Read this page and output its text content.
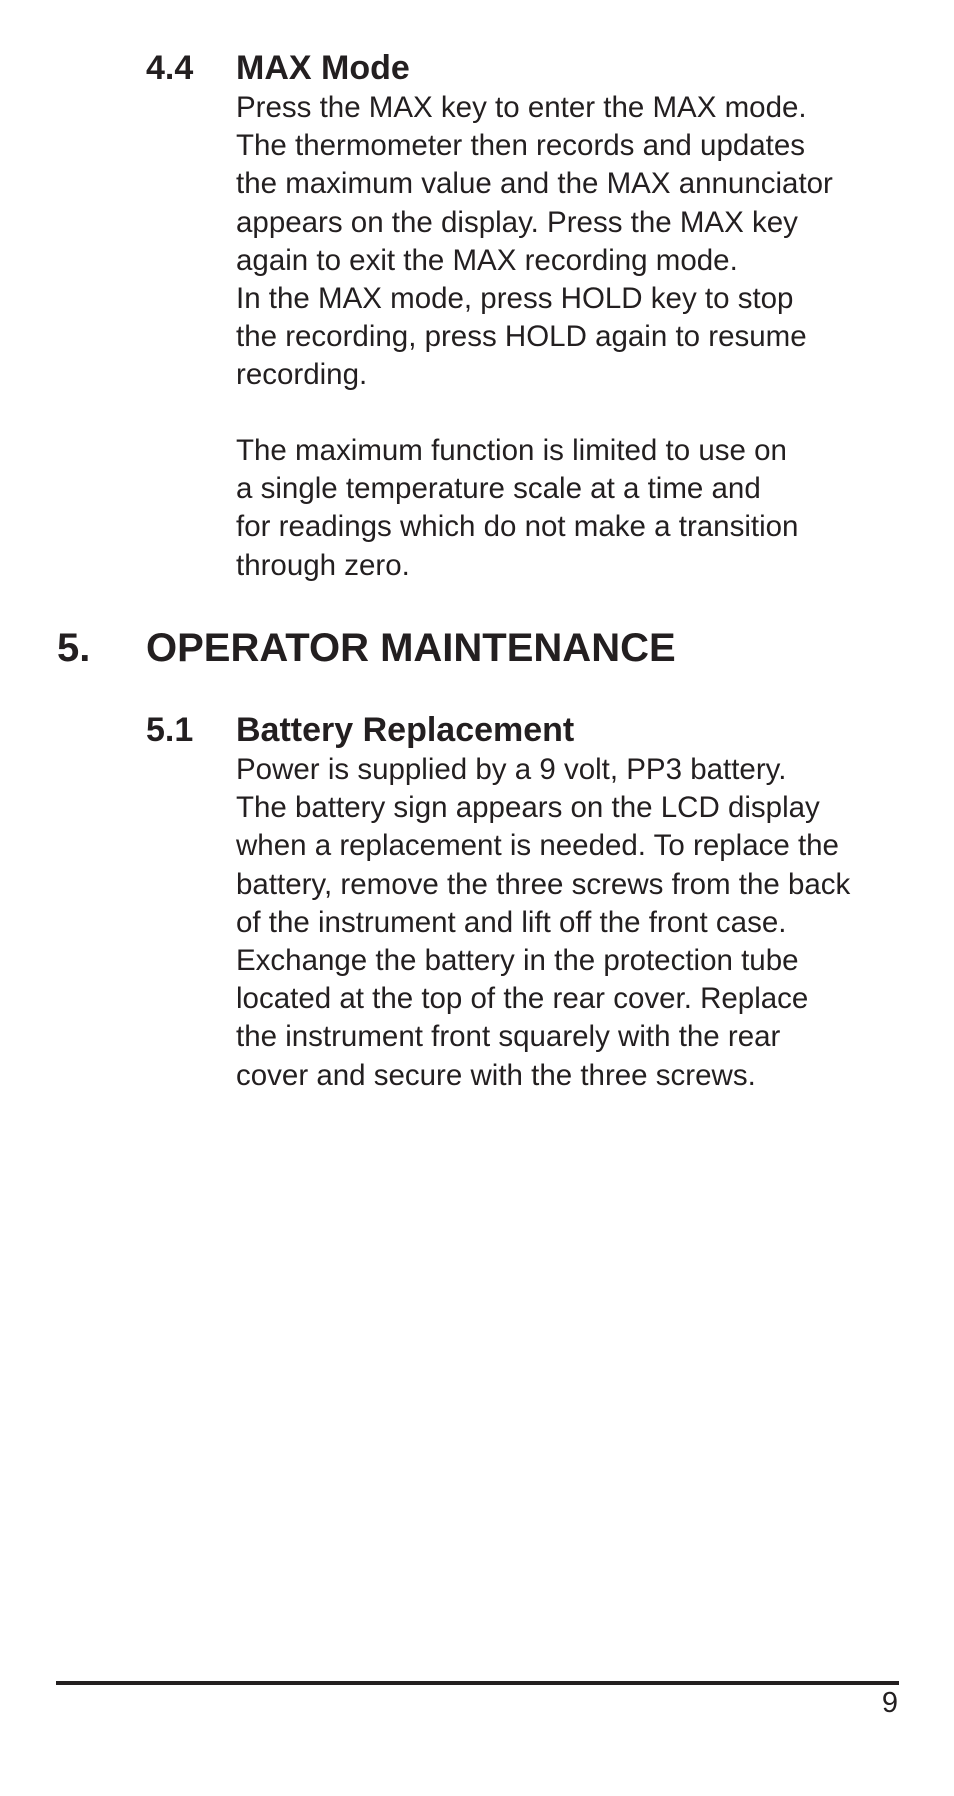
4.4 MAX Mode

Press the MAX key to enter the MAX mode.

The thermometer then records and updates

the maximum value and the MAX annunciator

appears on the display. Press the MAX key

again to exit the MAX recording mode.

In the MAX mode, press HOLD key to stop

the recording, press HOLD again to resume

recording.

The maximum function is limited to use on

a single temperature scale at a time and

for readings which do not make a transition

through zero.

5. OPERATOR MAINTENANCE
5.1 Battery Replacement

Power is supplied by a 9 volt, PP3 battery.

The battery sign appears on the LCD display

when a replacement is needed. To replace the

battery, remove the three screws from the back

of the instrument and lift off the front case.

Exchange the battery in the protection tube

located at the top of the rear cover. Replace

the instrument front squarely with the rear

cover and secure with the three screws.

9
